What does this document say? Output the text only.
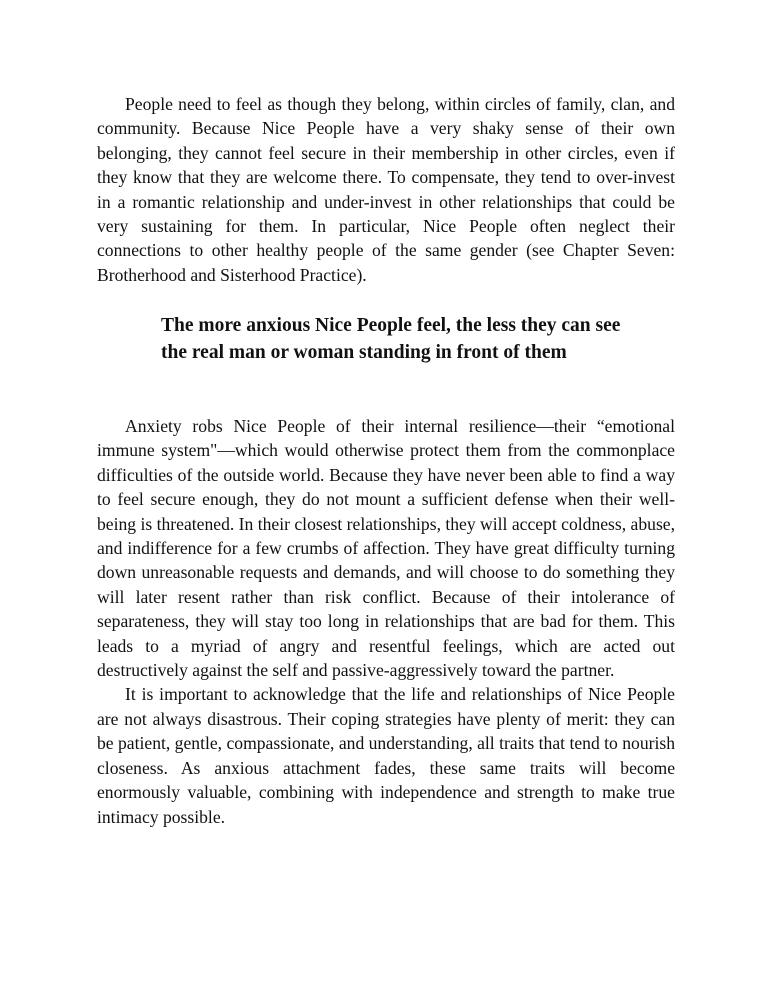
People need to feel as though they belong, within circles of family, clan, and community. Because Nice People have a very shaky sense of their own belonging, they cannot feel secure in their membership in other circles, even if they know that they are welcome there. To compensate, they tend to over-invest in a romantic relationship and under-invest in other relationships that could be very sustaining for them. In particular, Nice People often neglect their connections to other healthy people of the same gender (see Chapter Seven: Brotherhood and Sisterhood Practice).

The more anxious Nice People feel, the less they can see the real man or woman standing in front of them

Anxiety robs Nice People of their internal resilience—their “emotional immune system"—which would otherwise protect them from the commonplace difficulties of the outside world. Because they have never been able to find a way to feel secure enough, they do not mount a sufficient defense when their well-being is threatened. In their closest relationships, they will accept coldness, abuse, and indifference for a few crumbs of affection. They have great difficulty turning down unreasonable requests and demands, and will choose to do something they will later resent rather than risk conflict. Because of their intolerance of separateness, they will stay too long in relationships that are bad for them. This leads to a myriad of angry and resentful feelings, which are acted out destructively against the self and passive-aggressively toward the partner.

It is important to acknowledge that the life and relationships of Nice People are not always disastrous. Their coping strategies have plenty of merit: they can be patient, gentle, compassionate, and understanding, all traits that tend to nourish closeness. As anxious attachment fades, these same traits will become enormously valuable, combining with independence and strength to make true intimacy possible.
